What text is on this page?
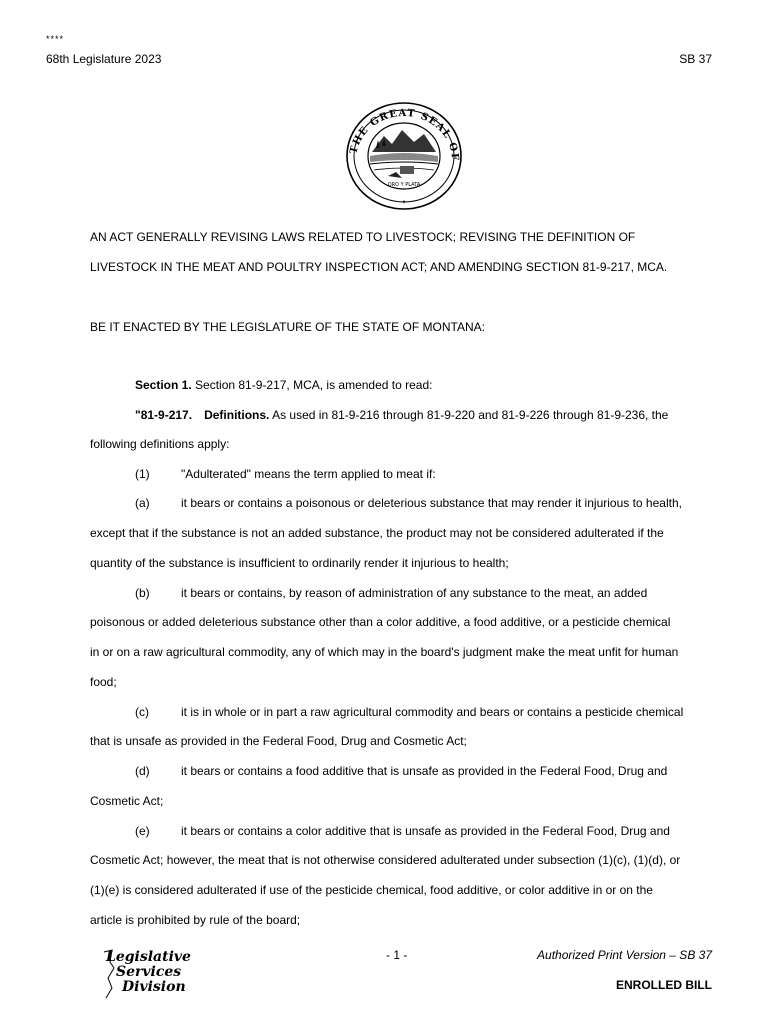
****
68th Legislature 2023	SB 37
THE GREAT SEAL OF
ORO Y PLATA
✦
AN ACT GENERALLY REVISING LAWS RELATED TO LIVESTOCK; REVISING THE DEFINITION OF
LIVESTOCK IN THE MEAT AND POULTRY INSPECTION ACT; AND AMENDING SECTION 81-9-217, MCA.
BE IT ENACTED BY THE LEGISLATURE OF THE STATE OF MONTANA:
Section 1. Section 81-9-217, MCA, is amended to read:
"81-9-217. Definitions. As used in 81-9-216 through 81-9-220 and 81-9-226 through 81-9-236, the
following definitions apply:
(1)	"Adulterated" means the term applied to meat if:
(a)	it bears or contains a poisonous or deleterious substance that may render it injurious to health,
except that if the substance is not an added substance, the product may not be considered adulterated if the
quantity of the substance is insufficient to ordinarily render it injurious to health;
(b)	it bears or contains, by reason of administration of any substance to the meat, an added
poisonous or added deleterious substance other than a color additive, a food additive, or a pesticide chemical
in or on a raw agricultural commodity, any of which may in the board's judgment make the meat unfit for human
food;
(c)	it is in whole or in part a raw agricultural commodity and bears or contains a pesticide chemical
that is unsafe as provided in the Federal Food, Drug and Cosmetic Act;
(d)	it bears or contains a food additive that is unsafe as provided in the Federal Food, Drug and
Cosmetic Act;
(e)	it bears or contains a color additive that is unsafe as provided in the Federal Food, Drug and
Cosmetic Act; however, the meat that is not otherwise considered adulterated under subsection (1)(c), (1)(d), or
(1)(e) is considered adulterated if use of the pesticide chemical, food additive, or color additive in or on the
article is prohibited by rule of the board;
Legislative
Services
Division
- 1 -	Authorized Print Version – SB 37
ENROLLED BILL
